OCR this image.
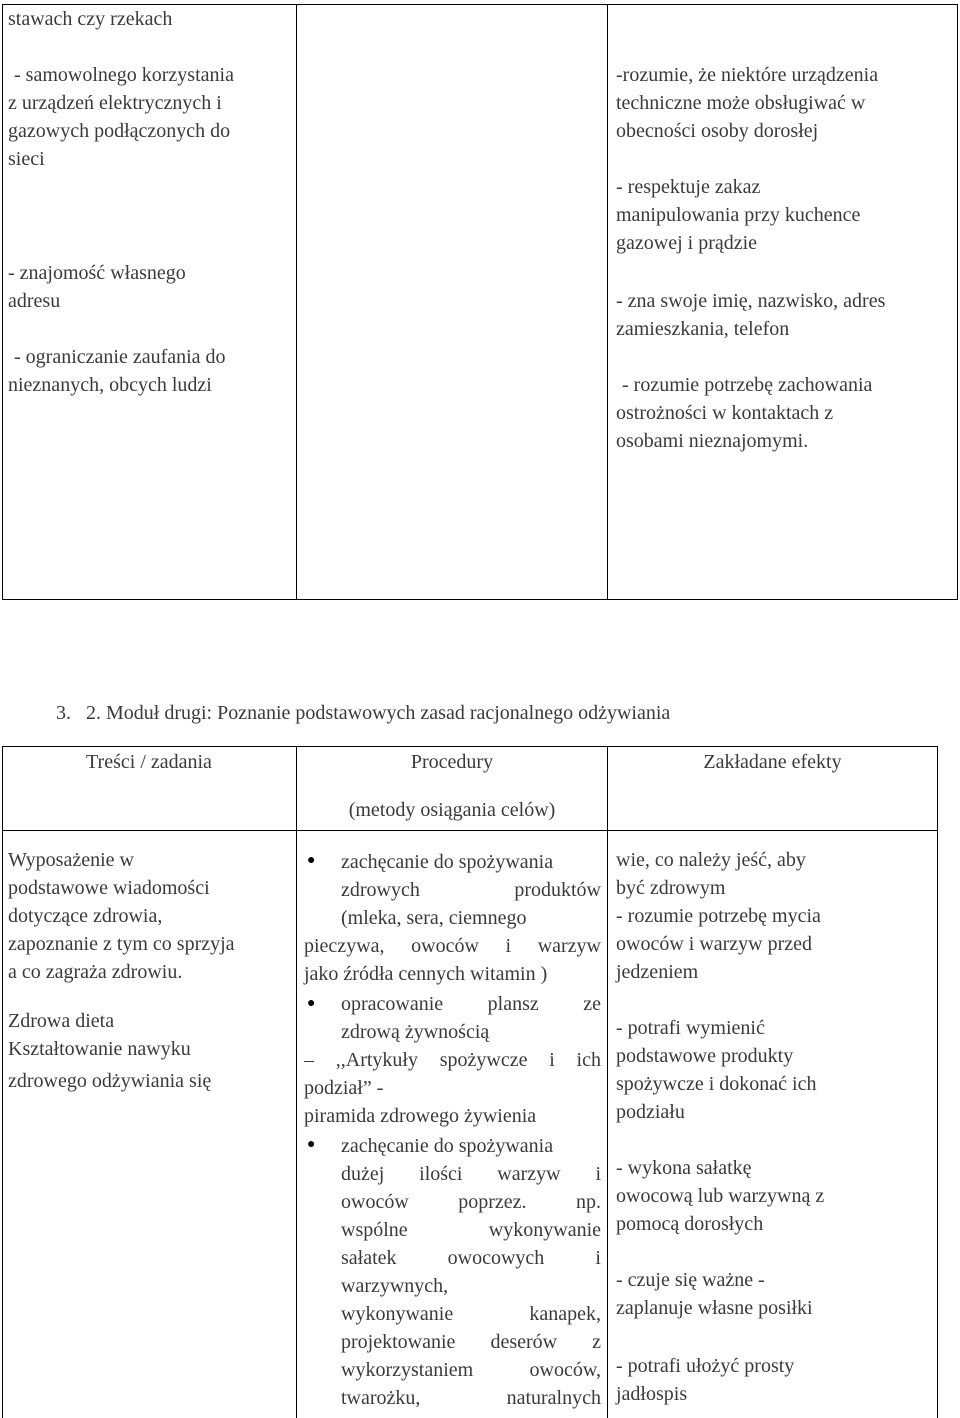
stawach czy rzekach
- samowolnego korzystania
z urządzeń elektrycznych i
gazowych podłączonych do
sieci
- znajomość własnego
adresu
- ograniczanie zaufania do
nieznanych, obcych ludzi
-rozumie, że niektóre urządzenia
techniczne może obsługiwać w
obecności osoby dorosłej
- respektuje zakaz
manipulowania przy kuchence
gazowej i prądzie
- zna swoje imię, nazwisko, adres
zamieszkania, telefon
- rozumie potrzebę zachowania
ostrożności w kontaktach z
osobami nieznajomymi.
3.   2. Moduł drugi: Poznanie podstawowych zasad racjonalnego odżywiania
Treści / zadania	Procedury
(metody osiągania celów)
Zakładane efekty
Wyposażenie w
podstawowe wiadomości
dotyczące zdrowia,
zapoznanie z tym co sprzyja
a co zagraża zdrowiu.
Zdrowa dieta
Kształtowanie nawyku
zdrowego odżywiania się
●
●
●
zachęcanie do spożywania
zdrowych produktów
(mleka, sera, ciemnego
pieczywa, owoców i warzyw
jako źródła cennych witamin )
opracowanie plansz ze
zdrową żywnością
– ,,Artykuły spożywcze i ich
podział” -
piramida zdrowego żywienia
zachęcanie do spożywania
dużej ilości warzyw i
owoców poprzez. np.
wspólne wykonywanie
sałatek owocowych i
warzywnych,
wykonywanie kanapek,
projektowanie deserów z
wykorzystaniem owoców,
twarożku, naturalnych
wie, co należy jeść, aby
być zdrowym
- rozumie potrzebę mycia
owoców i warzyw przed
jedzeniem
- potrafi wymienić
podstawowe produkty
spożywcze i dokonać ich
podziału
- wykona sałatkę
owocową lub warzywną z
pomocą dorosłych
- czuje się ważne -
zaplanuje własne posiłki
- potrafi ułożyć prosty
jadłospis
